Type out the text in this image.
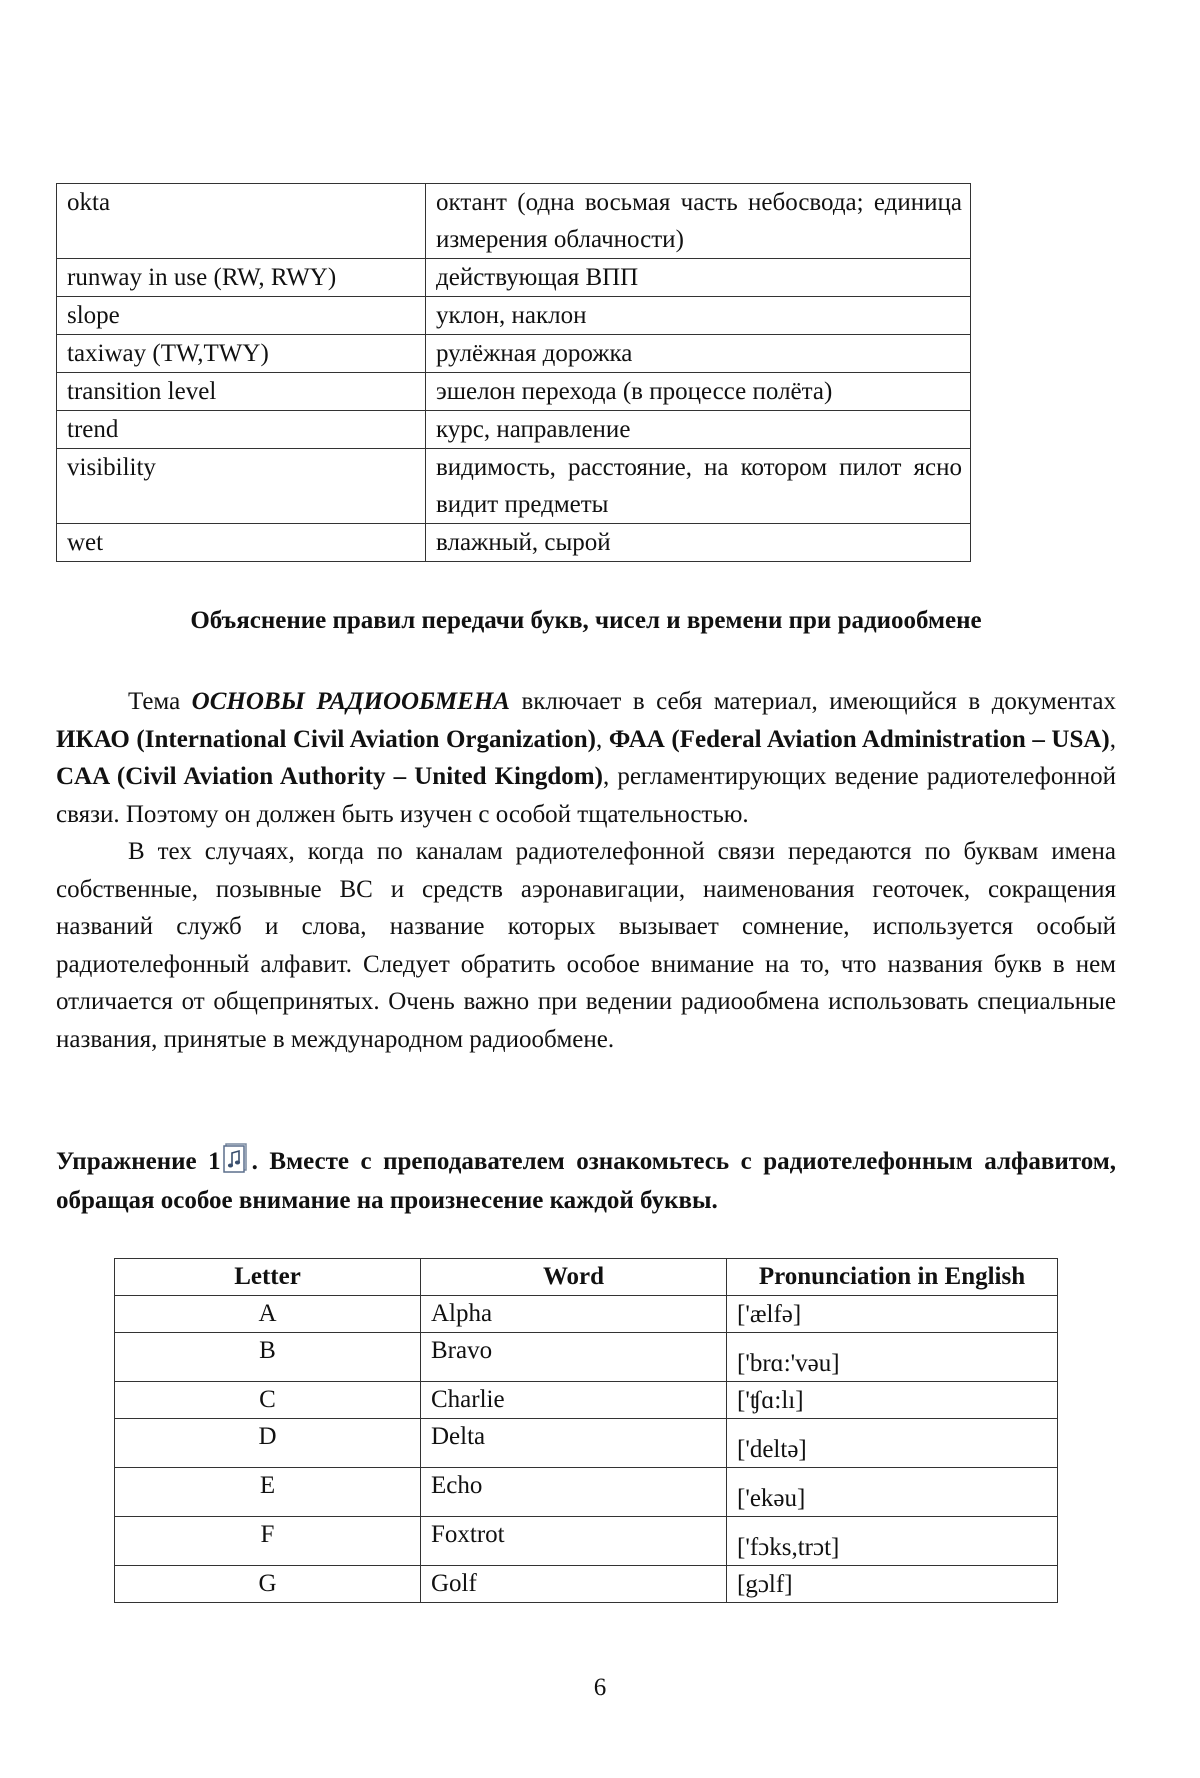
okta	октант (одна восьмая часть небосвода; единица измерения облачности)
runway in use (RW, RWY)	действующая ВПП
slope	уклон, наклон
taxiway (TW,TWY)	рулёжная дорожка
transition level	эшелон перехода (в процессе полёта)
trend	курс, направление
visibility	видимость, расстояние, на котором пилот ясно видит предметы
wet	влажный, сырой
Объяснение правил передачи букв, чисел и времени при радиообмене

Тема ОСНОВЫ РАДИООБМЕНА включает в себя материал, имеющийся в документах ИКАО (International Civil Aviation Organization), ФАА (Federal Aviation Administration – USA), CAA (Civil Aviation Authority – United Kingdom), регламентирующих ведение радиотелефонной связи. Поэтому он должен быть изучен с особой тщательностью.

В тех случаях, когда по каналам радиотелефонной связи передаются по буквам имена собственные, позывные ВС и средств аэронавигации, наименования геоточек, сокращения названий служб и слова, название которых вызывает сомнение, используется особый радиотелефонный алфавит. Следует обратить особое внимание на то, что названия букв в нем отличается от общепринятых. Очень важно при ведении радиообмена использовать специальные названия, принятые в международном радиообмене.

Упражнение 1 . Вместе с преподавателем ознакомьтесь с радиотелефонным алфавитом, обращая особое внимание на произнесение каждой буквы.
Letter	Word	Pronunciation in English
A	Alpha	['ælfə]
B	Bravo	['brɑ:'vəu]
C	Charlie	['ʧɑ:lı]
D	Delta	['deltə]
E	Echo	['ekəu]
F	Foxtrot	['fɔks,trɔt]
G	Golf	[gɔlf]
6
